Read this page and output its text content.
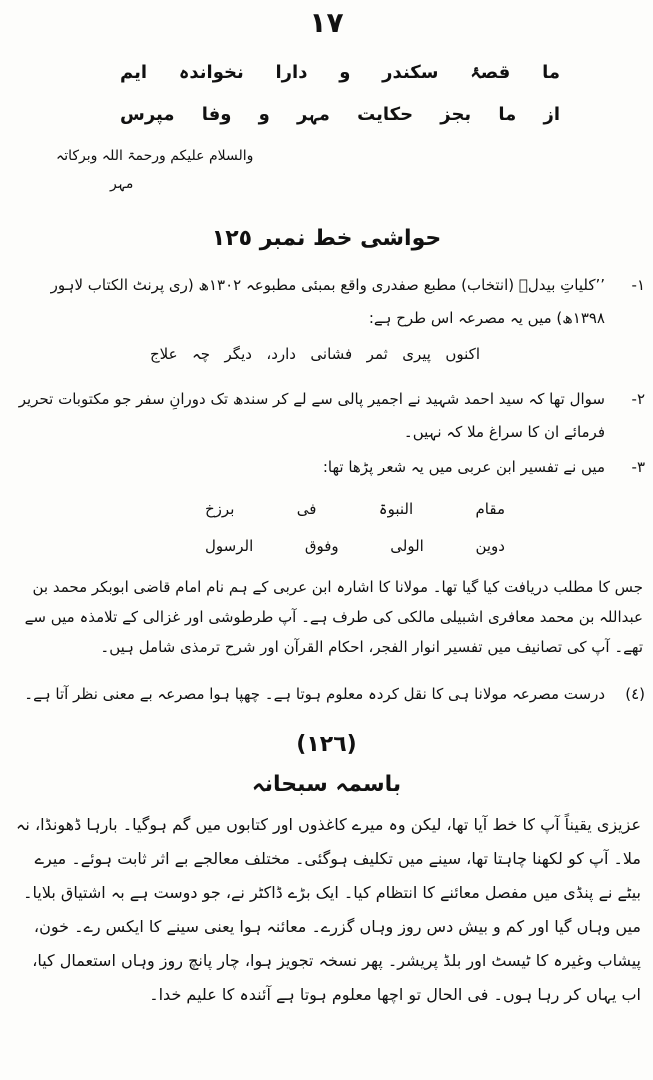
١٧
ما قصۂ سکندر و دارا نخواندہ ایم
از ما بجز حکایت مہر و وفا مپرس
والسلام علیکم ورحمۃ اللہ وبرکاتہ
مہر
حواشی خط نمبر ١٢٥
١-
’’کلیاتِ بیدلؔ (انتخاب) مطبع صفدری واقع بمبئی مطبوعہ ١٣٠٢ھ (ری پرنٹ الکتاب لاہور ١٣٩٨ھ) میں یہ مصرعہ اس طرح ہے:
اکنوں پیری ثمر فشانی دارد، دیگر چہ علاج
٢-
سوال تھا کہ سید احمد شہید نے اجمیر پالی سے لے کر سندھ تک دورانِ سفر جو مکتوبات تحریر فرمائے ان کا سراغ ملا کہ نہیں۔
٣-
میں نے تفسیر ابن عربی میں یہ شعر پڑھا تھا:
مقام النبوۃ فی برزخ
دوین الولی وفوق الرسول
جس کا مطلب دریافت کیا گیا تھا۔ مولانا کا اشارہ ابن عربی کے ہم نام امام قاضی ابوبکر محمد بن عبداللہ بن محمد معافری اشبیلی مالکی کی طرف ہے۔ آپ طرطوشی اور غزالی کے تلامذہ میں سے تھے۔ آپ کی تصانیف میں تفسیر انوار الفجر، احکام القرآن اور شرح ترمذی شامل ہیں۔
(٤)
درست مصرعہ مولانا ہی کا نقل کردہ معلوم ہوتا ہے۔ چھپا ہوا مصرعہ بے معنی نظر آتا ہے۔
(١٢٦)
باسمہ سبحانہ
عزیزی یقیناً آپ کا خط آیا تھا، لیکن وہ میرے کاغذوں اور کتابوں میں گم ہوگیا۔ بارہا ڈھونڈا، نہ ملا۔ آپ کو لکھنا چاہتا تھا، سینے میں تکلیف ہوگئی۔ مختلف معالجے بے اثر ثابت ہوئے۔ میرے بیٹے نے پنڈی میں مفصل معائنے کا انتظام کیا۔ ایک بڑے ڈاکٹر نے، جو دوست ہے بہ اشتیاق بلایا۔ میں وہاں گیا اور کم و بیش دس روز وہاں گزرے۔ معائنہ ہوا یعنی سینے کا ایکس رے۔ خون، پیشاب وغیرہ کا ٹیسٹ اور بلڈ پریشر۔ پھر نسخہ تجویز ہوا، چار پانچ روز وہاں استعمال کیا، اب یہاں کر رہا ہوں۔ فی الحال تو اچھا معلوم ہوتا ہے آئندہ کا علیم خدا۔
